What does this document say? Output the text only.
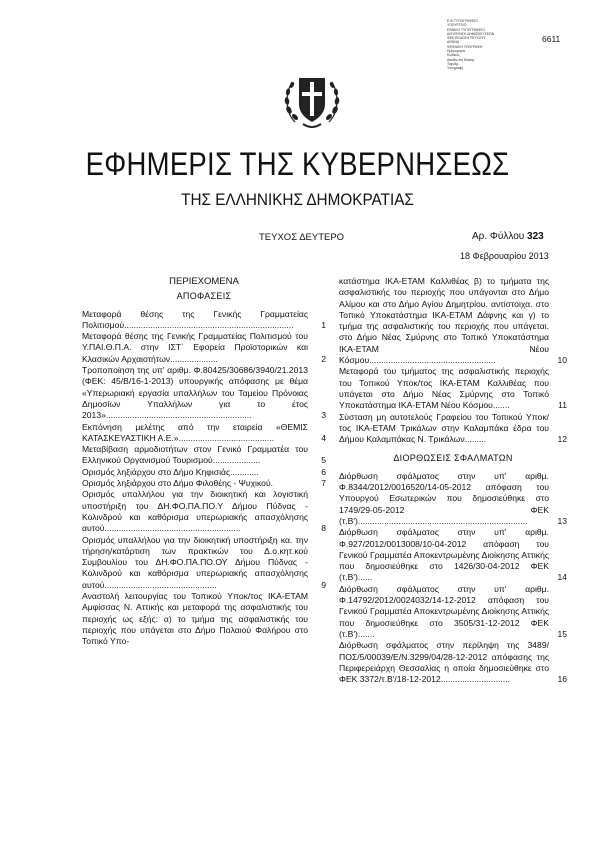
Ε.Φ.ΤΥΠΟΓΡΑΦΕΙΟ
ΥΠΟΥΡΓΕΙΟ
ΕΘΝΙΚΟ ΤΥΠΟΓΡΑΦΕΙΟ
ΔΙΕΥΘΥΝΣΗ ΔΗΜΟΣΙΕΥΣΕΩΝ
ΦΕΚ ΕΚΔΟΣΗ ΤΕΥΧΟΥΣ
ΑΘΗΝΑ
ΨΗΦΙΑΚΗ ΥΠΟΓΡΑΦΗ
Ημερομηνία
Κωδικός
Διεύθυνση Ηλεκτρ.
Ταχυδρ.
Υπογραφή
6611
ΕΦΗΜΕΡΙΣ ΤΗΣ ΚΥΒΕΡΝΗΣΕΩΣ
ΤΗΣ ΕΛΛΗΝΙΚΗΣ ΔΗΜΟΚΡΑΤΙΑΣ
ΤΕΥΧΟΣ ΔΕΥΤΕΡΟ	Αρ. Φύλλου 323
18 Φεβρουαρίου 2013
ΠΕΡΙΕΧΟΜΕΝΑ
ΑΠΟΦΑΣΕΙΣ
Μεταφορά θέσης της Γενικής Γραμματείας Πολιτισμού.......................................................................	1
Μεταφορά θέσης της Γενικής Γραμματείας Πολιτισμού του Υ.ΠΑΙ.Θ.Π.Α. στην ΙΣΤ΄ Εφορεία Προϊστορικών και Κλασικών Αρχαιοτήτων....................	2
Τροποποίηση της υπ' αριθμ. Φ.80425/30686/3940/21.2013 (ΦΕΚ: 45/Β/16-1-2013) υπουργικής απόφασης με θέμα «Υπερωριακή εργασία υπαλλήλων του Ταμείου Πρόνοιας Δημοσίων Υπαλλήλων για το έτος 2013».............................................................	3
Εκπόνηση μελέτης από την εταιρεία «ΘΕΜΙΣ ΚΑΤΑΣΚΕΥΑΣΤΙΚΗ Α.Ε.»........................................	4
Μεταβίβαση αρμοδιοτήτων στον Γενικό Γραμματέα του Ελληνικού Οργανισμού Τουρισμού....................	5
Ορισμός ληξιάρχου στο Δήμο Κηφισιάς............	6
Ορισμός ληξιάρχου στο Δήμο Φιλοθέης - Ψυχικού.	7
Ορισμός υπαλλήλου για την διοικητική και λογιστική υποστήριξη του ΔΗ.ΦΟ.ΠΑ.ΠΟ.Υ Δήμου Πύδνας - Κολινδρού και καθόρισμα υπερωριακής απασχόλησης αυτού.........................................................	8
Ορισμός υπαλλήλου για την διοικητική υποστήριξη κα. την τήρηση/κατάρτιση των πρακτικών του Δ.ο.κητ.κού Συμβουλίου του ΔΗ.ΦΟ.ΠΑ.ΠΟ.ΟΥ Δήμου Πύδνας - Κολινδρού και καθόρισμα υπερωριακής απασχόλησης αυτού...............................................	9
Αναστολή λειτουργίας του Τοπικού Υποκ/τος ΙΚΑ-ΕΤΑΜ Αμφίσσας Ν. Αττικής και μεταφορά της ασφαλιστικής του περιοχής ως εξής: α) το τμήμα της ασφαλιστικής του περιοχής που υπάγεται στο Δήμο Παλαιού Φαλήρου στο Τοπικό Υπο-
κατάστημα ΙΚΑ-ΕΤΑΜ Καλλιθέας β) το τμήματα της ασφαλιστικής του περιοχής που υπάγονται στο Δήμο Αλίμου και στο Δήμο Αγίου Δημητρίου. αντίστοιχα. στο Τοπικό Υποκατάστημα ΙΚΑ-ΕΤΑΜ Δάφνης και γ) το τμήμα της ασφαλιστικής του περιοχής που υπάγεται. στο Δήμο Νέας Σμύρνης στο Τοπικό Υποκατάστημα ΙΚΑ-ΕΤΑΜ Νέου Κόσμου.....................................................	10
Μεταφορά του τμήματος της ασφαλιστικής περιοχής του Τοπικού Υποκ/τος ΙΚΑ-ΕΤΑΜ Καλλιθέας που υπάγεται στο Δήμο Νέας Σμύρνης στο Τοπικό Υποκατάστημα ΙΚΑ-ΕΤΑΜ Νέου Κόσμου.......	11
Σύσταση μη αυτοτελούς Γραφείου του Τοπικού Υποκ/τος ΙΚΑ-ΕΤΑΜ Τρικάλων στην Καλαμπάκα έδρα του Δήμου Καλαμπάκας Ν. Τρικάλων.........	12
ΔΙΟΡΘΩΣΕΙΣ ΣΦΑΛΜΑΤΩΝ
Διόρθωση σφάλματος στην υπ' αριθμ. Φ.8344/2012/0016520/14-05-2012 απόφαση του Υπουργού Εσωτερικών που δημοσιεύθηκε στο 1749/29-05-2012 ΦΕΚ (τ.Β').......................................................................	13
Διόρθωση σφάλματος στην υπ' αριθμ. Φ.927/2012/0013008/10-04-2012 απόφαση του Γενικού Γραμματέα Αποκεντρωμένης Διοίκησης Αττικής που δημοσιεύθηκε στο 1426/30-04-2012 ΦΕΚ (τ.Β')......	14
Διόρθωση σφάλματος στην υπ' αριθμ. Φ.14792/2012/0024032/14-12-2012 απόφαση του Γενικού Γραμματέα Αποκεντρωμένης Διοίκησης Αττικής που δημοσιεύθηκε στο 3505/31-12-2012 ΦΕΚ (τ.Β').......	15
Διόρθωση σφάλματος στην περίληψη της 3489/ΠΟΣ/5/00039/Ε/Ν.3299/04/28-12-2012 απόφασης της Περιφερειάρχη Θεσσαλίας η οποία δημοσιεύθηκε στο ΦΕΚ 3372/τ.Β'/18-12-2012.............................	16
